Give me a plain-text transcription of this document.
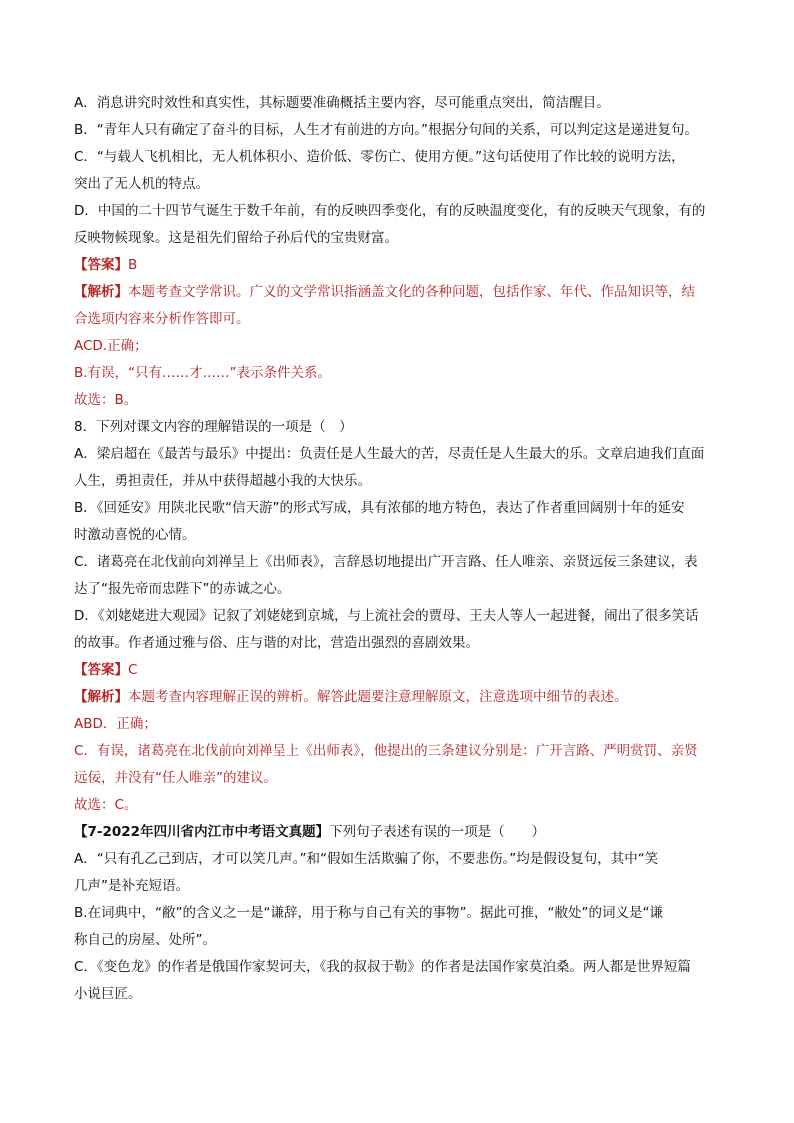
A．消息讲究时效性和真实性，其标题要准确概括主要内容，尽可能重点突出，简洁醒目。
B．“青年人只有确定了奋斗的目标，人生才有前进的方向。”根据分句间的关系，可以判定这是递进复句。
C．“与载人飞机相比，无人机体积小、造价低、零伤亡、使用方便。”这句话使用了作比较的说明方法，
突出了无人机的特点。
D．中国的二十四节气诞生于数千年前，有的反映四季变化，有的反映温度变化，有的反映天气现象，有的
反映物候现象。这是祖先们留给子孙后代的宝贵财富。
【答案】B
【解析】本题考查文学常识。广义的文学常识指涵盖文化的各种问题，包括作家、年代、作品知识等，结
合选项内容来分析作答即可。
ACD.正确；
B.有误，“只有……才……”表示条件关系。
故选：B。
8．下列对课文内容的理解错误的一项是（　）
A．梁启超在《最苦与最乐》中提出：负责任是人生最大的苦，尽责任是人生最大的乐。文章启迪我们直面
人生，勇担责任，并从中获得超越小我的大快乐。
B．《回延安》用陕北民歌“信天游”的形式写成，具有浓郁的地方特色，表达了作者重回阔别十年的延安
时激动喜悦的心情。
C．诸葛亮在北伐前向刘禅呈上《出师表》，言辞恳切地提出广开言路、任人唯亲、亲贤远佞三条建议，表
达了“报先帝而忠陛下”的赤诚之心。
D．《刘姥姥进大观园》记叙了刘姥姥到京城，与上流社会的贾母、王夫人等人一起进餐，闹出了很多笑话
的故事。作者通过雅与俗、庄与谐的对比，营造出强烈的喜剧效果。
【答案】C
【解析】本题考查内容理解正误的辨析。解答此题要注意理解原文，注意选项中细节的表述。
ABD．正确；
C．有误，诸葛亮在北伐前向刘禅呈上《出师表》，他提出的三条建议分别是：广开言路、严明赏罚、亲贤
远佞，并没有“任人唯亲”的建议。
故选：C。
【7-2022年四川省内江市中考语文真题】下列句子表述有误的一项是（　　）
A．“只有孔乙己到店，才可以笑几声。”和“假如生活欺骗了你，不要悲伤。”均是假设复句，其中“笑
几声”是补充短语。
B.在词典中，“敝”的含义之一是“谦辞，用于称与自己有关的事物”。据此可推，“敝处”的词义是“谦
称自己的房屋、处所”。
C．《变色龙》的作者是俄国作家契诃夫，《我的叔叔于勒》的作者是法国作家莫泊桑。两人都是世界短篇
小说巨匠。
